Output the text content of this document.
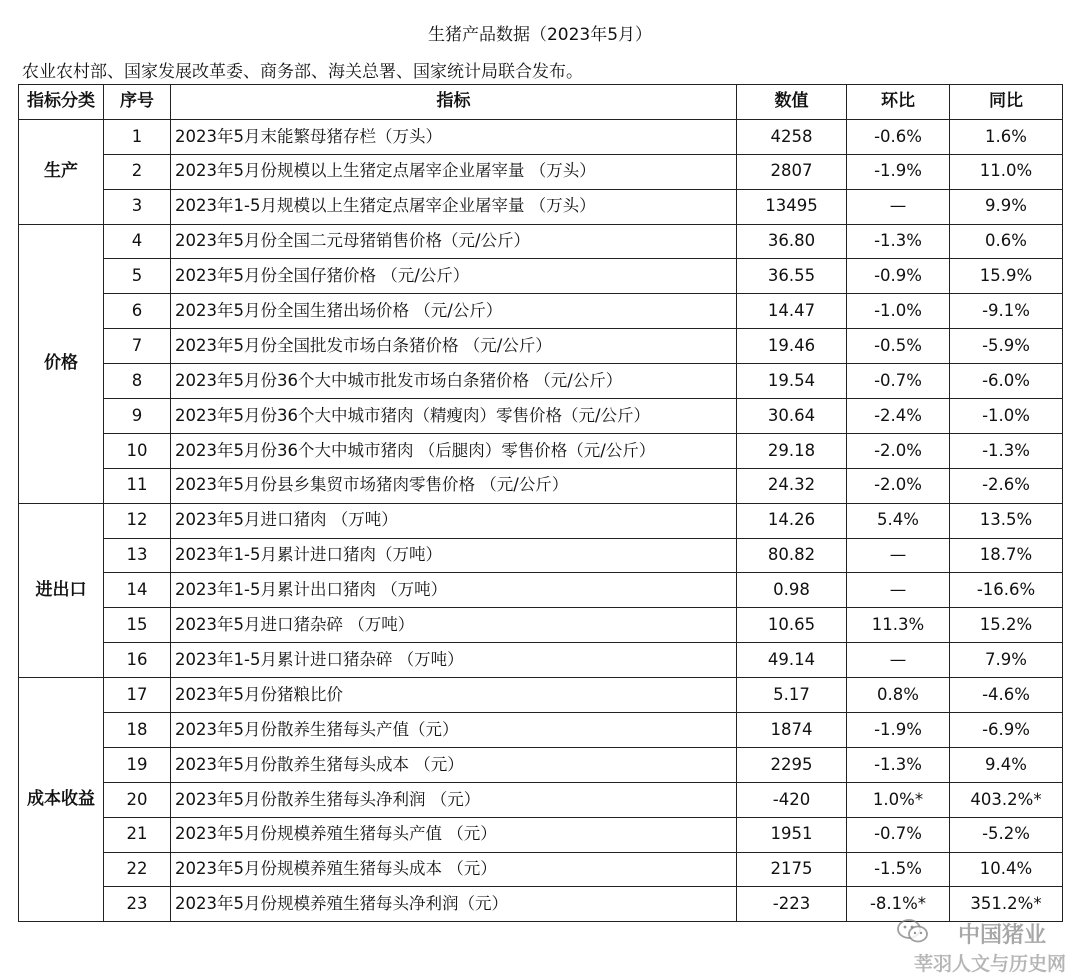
生猪产品数据（2023年5月）
农业农村部、国家发展改革委、商务部、海关总署、国家统计局联合发布。
指标分类	序号	指标	数值	环比	同比
生产	1	2023年5月末能繁母猪存栏（万头）	4258	-0.6%	1.6%
	2	2023年5月份规模以上生猪定点屠宰企业屠宰量 （万头）	2807	-1.9%	11.0%
	3	2023年1-5月规模以上生猪定点屠宰企业屠宰量 （万头）	13495	—	9.9%
价格	4	2023年5月份全国二元母猪销售价格（元/公斤）	36.80	-1.3%	0.6%
	5	2023年5月份全国仔猪价格 （元/公斤）	36.55	-0.9%	15.9%
	6	2023年5月份全国生猪出场价格 （元/公斤）	14.47	-1.0%	-9.1%
	7	2023年5月份全国批发市场白条猪价格 （元/公斤）	19.46	-0.5%	-5.9%
	8	2023年5月份36个大中城市批发市场白条猪价格 （元/公斤）	19.54	-0.7%	-6.0%
	9	2023年5月份36个大中城市猪肉（精瘦肉）零售价格（元/公斤）	30.64	-2.4%	-1.0%
	10	2023年5月份36个大中城市猪肉 （后腿肉）零售价格（元/公斤）	29.18	-2.0%	-1.3%
	11	2023年5月份县乡集贸市场猪肉零售价格 （元/公斤）	24.32	-2.0%	-2.6%
进出口	12	2023年5月进口猪肉 （万吨）	14.26	5.4%	13.5%
	13	2023年1-5月累计进口猪肉（万吨）	80.82	—	18.7%
	14	2023年1-5月累计出口猪肉 （万吨）	0.98	—	-16.6%
	15	2023年5月进口猪杂碎 （万吨）	10.65	11.3%	15.2%
	16	2023年1-5月累计进口猪杂碎 （万吨）	49.14	—	7.9%
成本收益	17	2023年5月份猪粮比价	5.17	0.8%	-4.6%
	18	2023年5月份散养生猪每头产值（元）	1874	-1.9%	-6.9%
	19	2023年5月份散养生猪每头成本 （元）	2295	-1.3%	9.4%
	20	2023年5月份散养生猪每头净利润 （元）	-420	1.0%*	403.2%*
	21	2023年5月份规模养殖生猪每头产值 （元）	1951	-0.7%	-5.2%
	22	2023年5月份规模养殖生猪每头成本 （元）	2175	-1.5%	10.4%
	23	2023年5月份规模养殖生猪每头净利润（元）	-223	-8.1%*	351.2%*
中国猪业
莘羽人文与历史网
